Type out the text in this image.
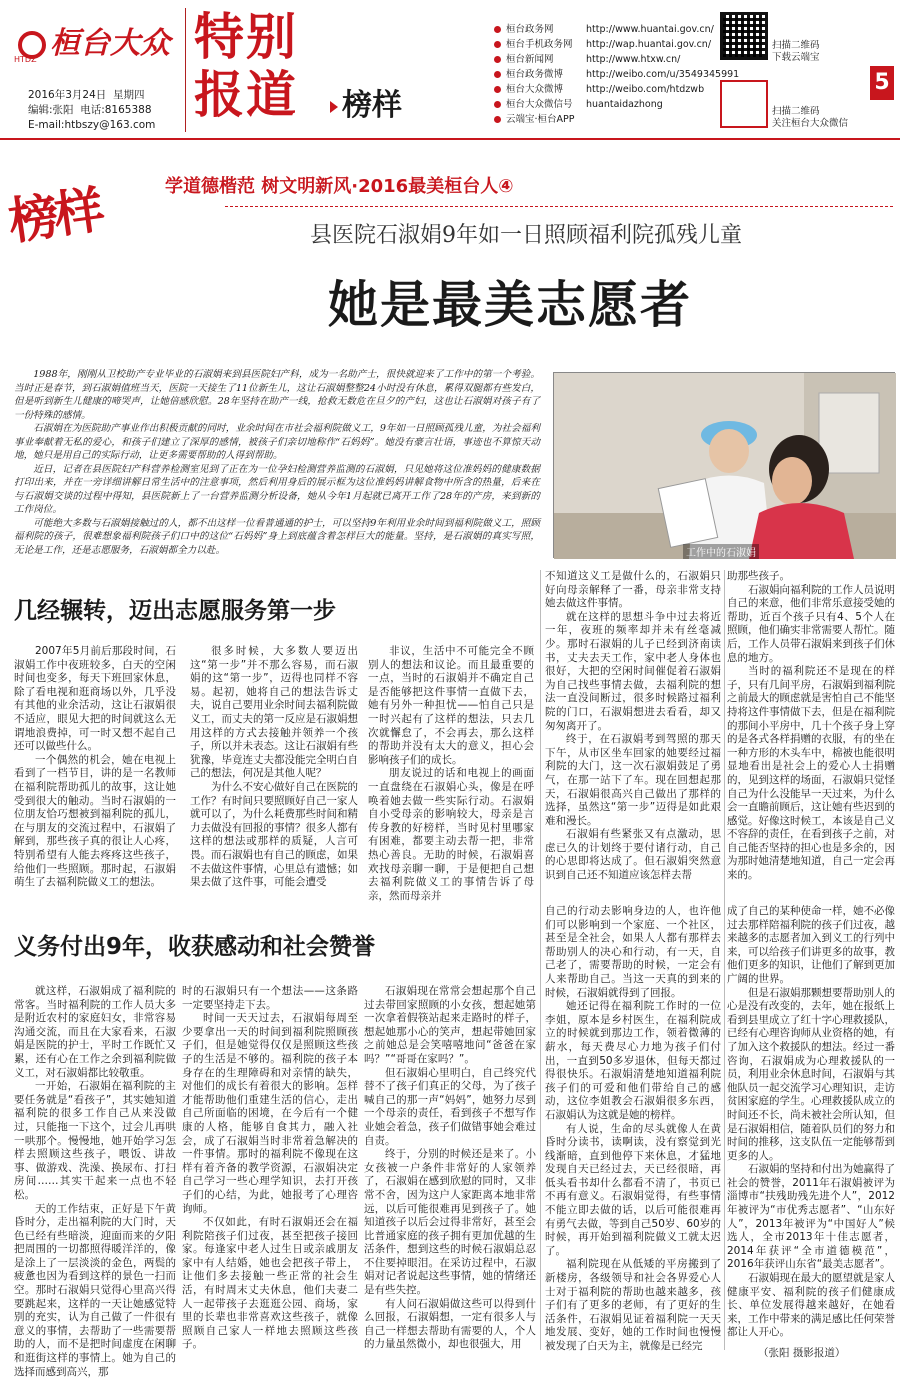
桓台大众
HTDZ
2016年3月24日  星期四
编辑:张阳  电话:8165388
E-mail:htbszy@163.com
特别
报道	榜样
桓台政务网	http://www.huantai.gov.cn/
桓台手机政务网 http://wap.huantai.gov.cn/
桓台新闻网	http://www.htxw.cn/
桓台政务微博 http://weibo.com/u/3549345991
桓台大众微博 http://weibo.com/htdzwb
桓台大众微信号 huantaidazhong
云端宝·桓台APP
扫描二维码
下载云端宝
扫描二维码
关注桓台大众微信
5
榜样	学道德楷范 树文明新风·2016最美桓台人④
县医院石淑娟9年如一日照顾福利院孤残儿童
她是最美志愿者

1988年，刚刚从卫校助产专业毕业的石淑娟来到县医院妇产科，成为一名助产士，很快就迎来了工作中的第一个考验。当时正是春节，到石淑娟值班当天，医院一天接生了11位新生儿，这让石淑娟整整24小时没有休息，累得双腿都有些发白，但是听到新生儿健康的啼哭声，让她倍感欣慰。28年坚持在助产一线，抢救无数危在旦夕的产妇，这也让石淑娟对孩子有了一份特殊的感情。

石淑娟在为医院助产事业作出积极贡献的同时，业余时间在市社会福利院做义工，9年如一日照顾孤残儿童，为社会福利事业奉献着无私的爱心，和孩子们建立了深厚的感情，被孩子们亲切地称作“石妈妈”。她没有豪言壮语，事迹也不算惊天动地，她只是用自己的实际行动，让更多需要帮助的人得到帮助。

近日，记者在县医院妇产科营养检测室见到了正在为一位孕妇检测营养监测的石淑娟，只见她将这位准妈妈的健康数据打印出来，并在一旁详细讲解日常生活中的注意事项，然后利用身后的展示框为这位准妈妈讲解食物中所含的热量，后来在与石淑娟交谈的过程中得知，县医院新上了一台营养监测分析设备，她从今年1月起就已离开工作了28年的产房，来到新的工作岗位。

可能绝大多数与石淑娟接触过的人，都不出这样一位看普通通的护士，可以坚持9年利用业余时间到福利院做义工，照顾福利院的孩子，很难想象福利院孩子们口中的这位“石妈妈”身上到底蕴含着怎样巨大的能量。坚持，是石淑娟的真实写照，无论是工作，还是志愿服务，石淑娟都全力以赴。	工作中的石淑娟
几经辗转，迈出志愿服务第一步

2007年5月前后那段时间，石淑娟工作中夜班较多，白天的空闲时间也变多，每天下班回家休息，除了看电视和逛商场以外，几乎没有其他的业余活动，这让石淑娟很不适应，眼见大把的时间就这么无谓地浪费掉，可一时又想不起自己还可以做些什么。

一个偶然的机会，她在电视上看到了一档节目，讲的是一名教师在福利院帮助孤儿的故事，这让她受到很大的触动。当时石淑娟的一位朋友恰巧想被到福利院的孤儿，在与朋友的交流过程中，石淑娟了解到，那些孩子真的很让人心疼，特别希望有人能去疼疼这些孩子，给他们一些照顾。那时起，石淑娟萌生了去福利院做义工的想法。

很多时候，大多数人要迈出这“第一步”并不那么容易，而石淑娟的这“第一步”，迈得也同样不容易。起初，她将自己的想法告诉丈夫，说自己要用业余时间去福利院做义工，而丈夫的第一反应是石淑娟想用这样的方式去接触并领养一个孩子，所以并未表态。这让石淑娟有些犹豫，毕竟连丈夫都没能完全明白自己的想法，何况是其他人呢？

为什么不安心做好自己在医院的工作？有时间只要照顾好自己一家人就可以了，为什么耗费那些时间和精力去做没有回报的事情？很多人都有这样的想法或那样的质疑，人言可畏。而石淑娟也有自己的顾虑，如果不去做这件事情，心里总有遗憾；如果去做了这件事，可能会遭受

非议，生活中不可能完全不顾别人的想法和议论。而且最重要的一点，当时的石淑娟并不确定自己是否能够把这件事情一直做下去，她有另外一种担忧——怕自己只是一时兴起有了这样的想法，只去几次就懈怠了，不会再去，那么这样的帮助并没有太大的意义，担心会影响孩子们的成长。

朋友说过的话和电视上的画面一直盘绕在石淑娟心头，像是在呼唤着她去做一些实际行动。石淑娟自小受母亲的影响较大，母亲是言传身教的好榜样，当时见村里哪家有困难，都要主动去帮一把，非常热心善良。无助的时候，石淑娟喜欢找母亲聊一聊，于是便把自己想去福利院做义工的事情告诉了母亲，然而母亲并

不知道这义工是做什么的，石淑娟只好向母亲解释了一番，母亲非常支持她去做这件事情。

就在这样的思想斗争中过去将近一年，夜班的频率却并未有丝毫减少。那时石淑娟的儿子已经到济南读书，丈夫去天工作，家中老人身体也很好，大把的空闲时间催促着石淑娟为自己找些事情去做，去福利院的想法一直没间断过，很多时候路过福利院的门口，石淑娟想进去看看，却又匆匆离开了。

终于，在石淑娟考到驾照的那天下午，从市区坐车回家的她要经过福利院的大门，这一次石淑娟鼓足了勇气，在那一站下了车。现在回想起那天，石淑娟很高兴自己做出了那样的选择，虽然这“第一步”迈得是如此艰难和漫长。

石淑娟有些紧张又有点激动，思虑已久的计划终于要付诸行动，自己的心思即将达成了。但石淑娟突然意识到自己还不知道应该怎样去帮

助那些孩子。

石淑娟向福利院的工作人员说明自己的来意，他们非常乐意接受她的帮助，近百个孩子只有4、5个人在照顾，他们确实非常需要人帮忙。随后，工作人员带石淑娟来到孩子们休息的地方。

当时的福利院还不是现在的样子，只有几间平房，石淑娟到福利院之前最大的顾虑就是害怕自己不能坚持将这件事情做下去，但是在福利院的那间小平房中，几十个孩子身上穿的是各式各样捐赠的衣服，有的坐在一种方形的木头车中，棉被也能很明显地看出是社会上的爱心人士捐赠的，见到这样的场面，石淑娟只觉怪自己为什么没能早一天过来，为什么会一直瞻前顾后，这让她有些迟到的感觉。好像这时候工，本该是自己义不容辞的责任，在看到孩子之前，对自己能否坚持的担心也是多余的，因为那时她清楚地知道，自己一定会再来的。

义务付出9年，收获感动和社会赞誉

就这样，石淑娟成了福利院的常客。当时福利院的工作人员大多是附近农村的家庭妇女，非常容易沟通交流，而且在大家看来，石淑娟是医院的护士，平时工作既忙又累，还有心在工作之余到福利院做义工，对石淑娟都比较敬重。

一开始，石淑娟在福利院的主要任务就是“看孩子”，其实她知道福利院的很多工作自己从来没做过，只能拖一下这个，过会儿再哄一哄那个。慢慢地，她开始学习怎样去照顾这些孩子，喂饭、讲故事、做游戏、洗澡、换尿布、打扫房间……其实干起来一点也不轻松。

天的工作结束，正好是下午黄昏时分，走出福利院的大门时，天色已经有些暗淡，迎面而来的夕阳把周围的一切都照得暖洋洋的，像是涂上了一层淡淡的金色，两鬓的疲惫也因为看到这样的景色一扫而空。那时石淑娟只觉得心里高兴得要跳起来，这样的一天让她感觉特别的充实，认为自己做了一件很有意义的事情，去帮助了一些需要帮助的人，而不是把时间虚度在闲聊和逛街这样的事情上。她为自己的选择而感到高兴，那

时的石淑娟只有一个想法——这条路一定要坚持走下去。

时间一天天过去，石淑娟每周至少要拿出一天的时间到福利院照顾孩子们，但是她觉得仅仅是照顾这些孩子的生活是不够的。福利院的孩子本身存在的生理障碍和对亲情的缺失，对他们的成长有着很大的影响。怎样才能帮助他们重建生活的信心，走出自己所面临的困境，在今后有一个健康的人格，能够自食其力，融入社会，成了石淑娟当时非常着急解决的一件事情。那时的福利院不像现在这样有着齐备的教学资源，石淑娟决定自己学习一些心理学知识，去打开孩子们的心结，为此，她报考了心理咨询师。

不仅如此，有时石淑娟还会在福利院陪孩子们过夜，甚至把孩子接回家。每逢家中老人过生日或亲戚朋友家中有人结婚，她也会把孩子带上，让他们多去接触一些正常的社会生活，有时周末丈夫休息，他们夫妻二人一起带孩子去逛逛公园、商场，家里的长辈也非常喜欢这些孩子，就像照顾自己家人一样地去照顾这些孩子。

石淑娟现在常常会想起那个自己过去带回家照顾的小女孩，想起她第一次拿着假筷站起来走路时的样子，想起她那小心的笑声，想起带她回家之前她总是会笑嘻嘻地问“爸爸在家吗？”“哥哥在家吗？”。

但石淑娟心里明白，自己终究代替不了孩子们真正的父母，为了孩子喊自己的那一声“妈妈”，她努力尽到一个母亲的责任，看到孩子不想写作业她会着急，孩子们做错事她会难过自责。

终于，分别的时候还是来了。小女孩被一户条件非常好的人家领养了，石淑娟在感到欣慰的同时，又非常不舍，因为这户人家距离本地非常远，以后可能很难再见到孩子了。她知道孩子以后会过得非常好，甚至会比普通家庭的孩子拥有更加优越的生活条件，想到这些的时候石淑娟总忍不住要掉眼泪。在采访过程中，石淑娟对记者说起这些事情，她的情绪还是有些失控。

有人问石淑娟做这些可以得到什么回报，石淑娟想，一定有很多人与自己一样想去帮助有需要的人，个人的力量虽然微小，却也很强大，用

自己的行动去影响身边的人，也许他们可以影响到一个家庭、一个社区，甚至是全社会，如果人人都有那样去帮助别人的决心和行动，有一天，自己老了，需要帮助的时候，一定会有人来帮助自己。当这一天真的到来的时候，石淑娟就得到了回报。

她还记得在福利院工作时的一位李姐，原本是乡村医生，在福利院成立的时候就到那边工作，领着微薄的薪水，每天费尽心力地为孩子们付出，一直到50多岁退休，但每天都过得很快乐。石淑娟清楚地知道福利院孩子们的可爱和他们带给自己的感动，这位李姐教会石淑娟很多东西，石淑娟认为这就是她的榜样。

有人说，生命的尽头就像人在黄昏时分读书，读啊读，没有察觉到光线渐暗，直到他停下来休息，才猛地发现自天已经过去，天已经很暗，再低头看书却什么都看不清了，书页已不再有意义。石淑娟觉得，有些事情不能立即去做的话，以后可能很难再有勇气去做，等到自己50岁、60岁的时候，再开始到福利院做义工就太迟了。

福利院现在从低矮的平房搬到了新楼房，各级领导和社会各界爱心人士对于福利院的帮助也越来越多，孩子们有了更多的老师，有了更好的生活条件，石淑娟见证着福利院一天天地发展、变好，她的工作时间也慢慢被发现了白天为主，就像是已经完

成了自己的某种使命一样，她不必像过去那样陪福利院的孩子们过夜，越来越多的志愿者加入到义工的行列中来，可以给孩子们讲更多的故事，教他们更多的知识，让他们了解到更加广阔的世界。

但是石淑娟那颗想要帮助别人的心是没有改变的，去年，她在报纸上看到县里成立了红十字心理救援队，已经有心理咨询师从业资格的她，有了加入这个救援队的想法。经过一番咨询，石淑娟成为心理救援队的一员，利用业余休息时间，石淑娟与其他队员一起交流学习心理知识，走访贫困家庭的学生。心理救援队成立的时间还不长，尚未被社会所认知，但是石淑娟相信，随着队员们的努力和时间的推移，这支队伍一定能够帮到更多的人。

石淑娟的坚持和付出为她赢得了社会的赞誉，2011年石淑娟被评为淄博市“扶残助残先进个人”，2012年被评为“市优秀志愿者”、“山东好人”，2013年被评为“中国好人”候选人，全市2013年十佳志愿者，2014年获评“全市道德模范”，2016年获评山东省“最美志愿者”。

石淑娟现在最大的愿望就是家人健康平安、福利院的孩子们健康成长、单位发展得越来越好，在她看来，工作中带来的满足感比任何荣誉都让人开心。

（张阳 摄影报道）
